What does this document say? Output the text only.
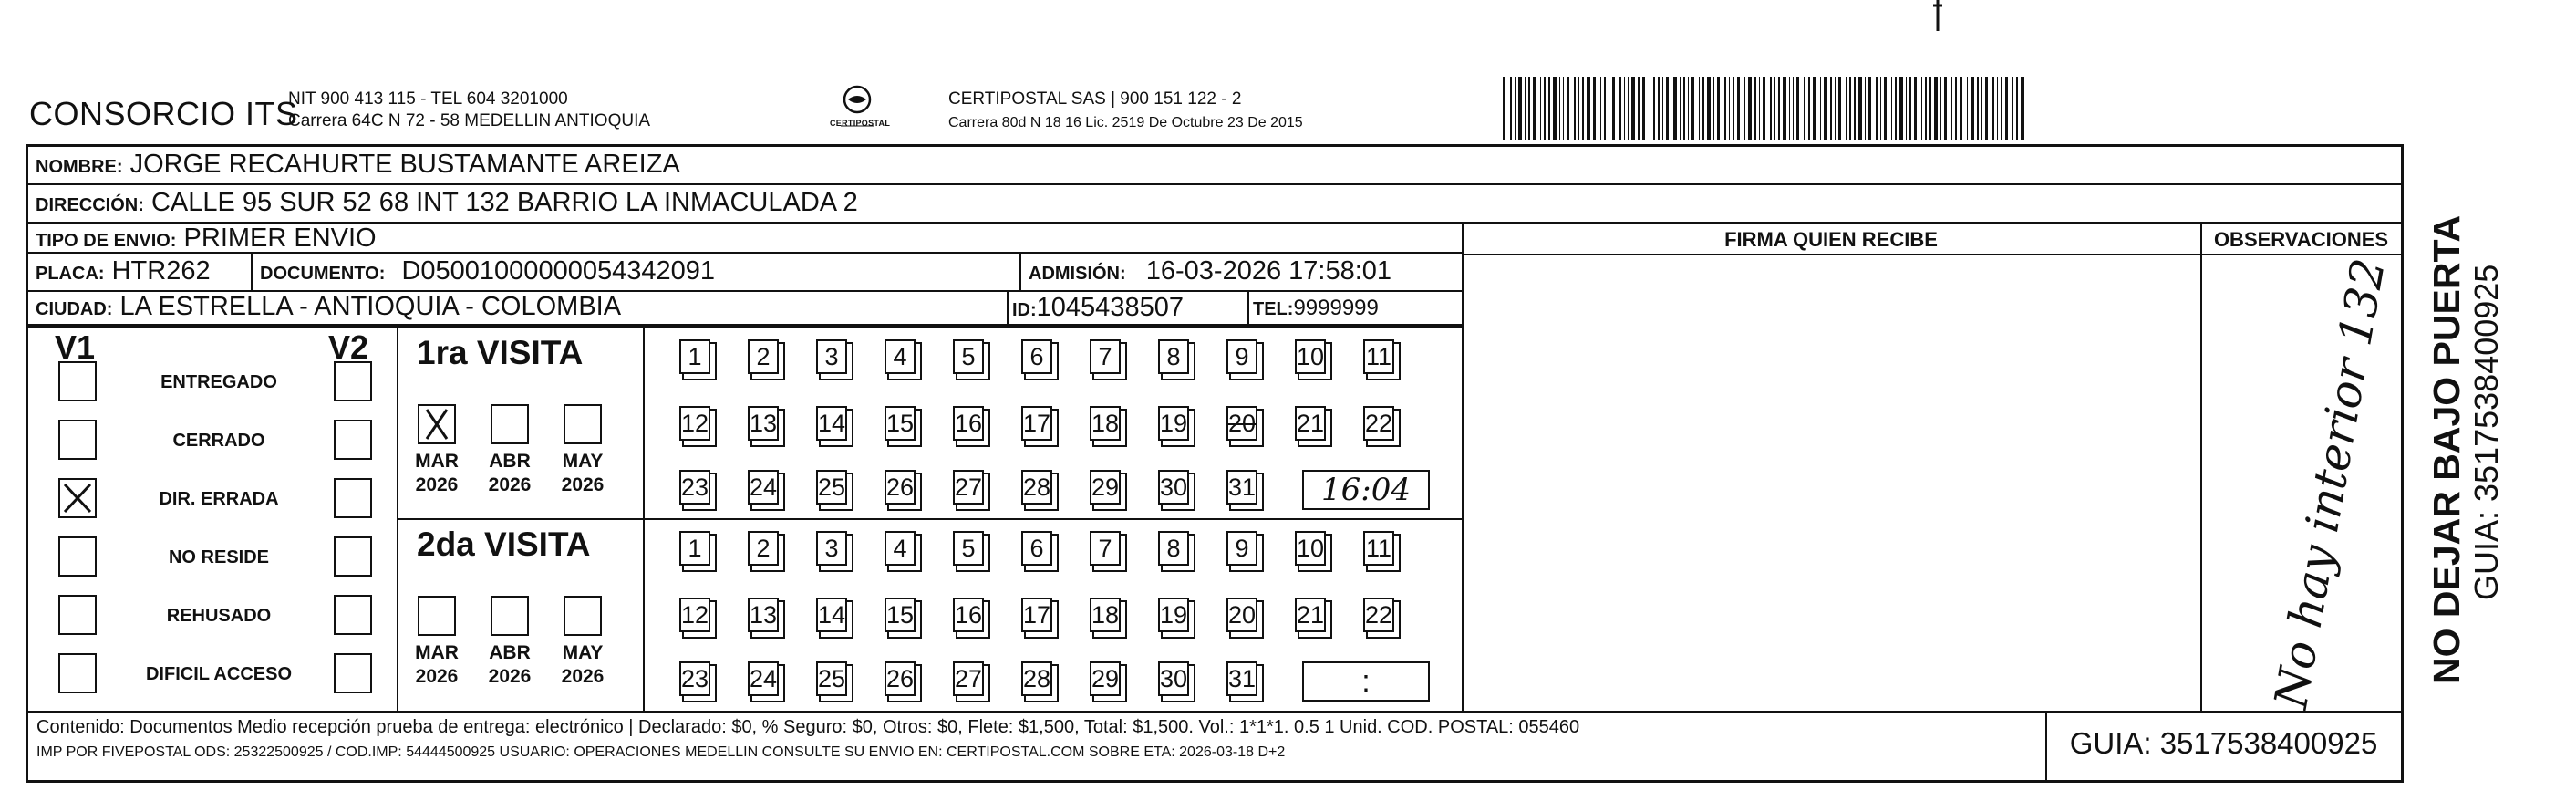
CONSORCIO ITS
NIT 900 413 115 - TEL 604 3201000
Carrera 64C N 72 - 58 MEDELLIN ANTIOQUIA	CERTIPOSTAL
CERTIPOSTAL SAS | 900 151 122 - 2
Carrera 80d N 18 16 Lic. 2519 De Octubre 23 De 2015
NOMBRE: JORGE RECAHURTE BUSTAMANTE AREIZA
DIRECCIÓN: CALLE 95 SUR 52 68 INT 132 BARRIO LA INMACULADA 2
TIPO DE ENVIO: PRIMER ENVIO
PLACA: HTR262	DOCUMENTO: D05001000000054342091	ADMISIÓN: 16-03-2026 17:58:01
CIUDAD: LA ESTRELLA - ANTIOQUIA - COLOMBIA	ID:1045438507	TEL:9999999
FIRMA QUIEN RECIBE	OBSERVACIONES
No hay interior 132
V1	V2
ENTREGADO
CERRADO
DIR. ERRADA
NO RESIDE
REHUSADO
DIFICIL ACCESO
1ra VISITA
2da VISITA
MAR
2026
ABR
2026
MAY
2026
1	2	3	4	5	6	7	8	9	10 11
12 13 14 15 16 17 18 19 20 21 22
23 24 25 26 27 28 29 30 31	16:04
MAR
2026
ABR
2026
MAY
2026
1	2	3	4	5	6	7	8	9	10 11
12 13 14 15 16 17 18 19 20 21 22
23 24 25 26 27 28 29 30 31	:
Contenido: Documentos Medio recepción prueba de entrega: electrónico | Declarado: $0, % Seguro: $0, Otros: $0, Flete: $1,500, Total: $1,500. Vol.: 1*1*1. 0.5 1 Unid. COD. POSTAL: 055460
IMP POR FIVEPOSTAL ODS: 25322500925 / COD.IMP: 54444500925 USUARIO: OPERACIONES MEDELLIN CONSULTE SU ENVIO EN: CERTIPOSTAL.COM SOBRE ETA: 2026-03-18 D+2	GUIA: 3517538400925
NO DEJAR BAJO PUERTA GUIA: 3517538400925
